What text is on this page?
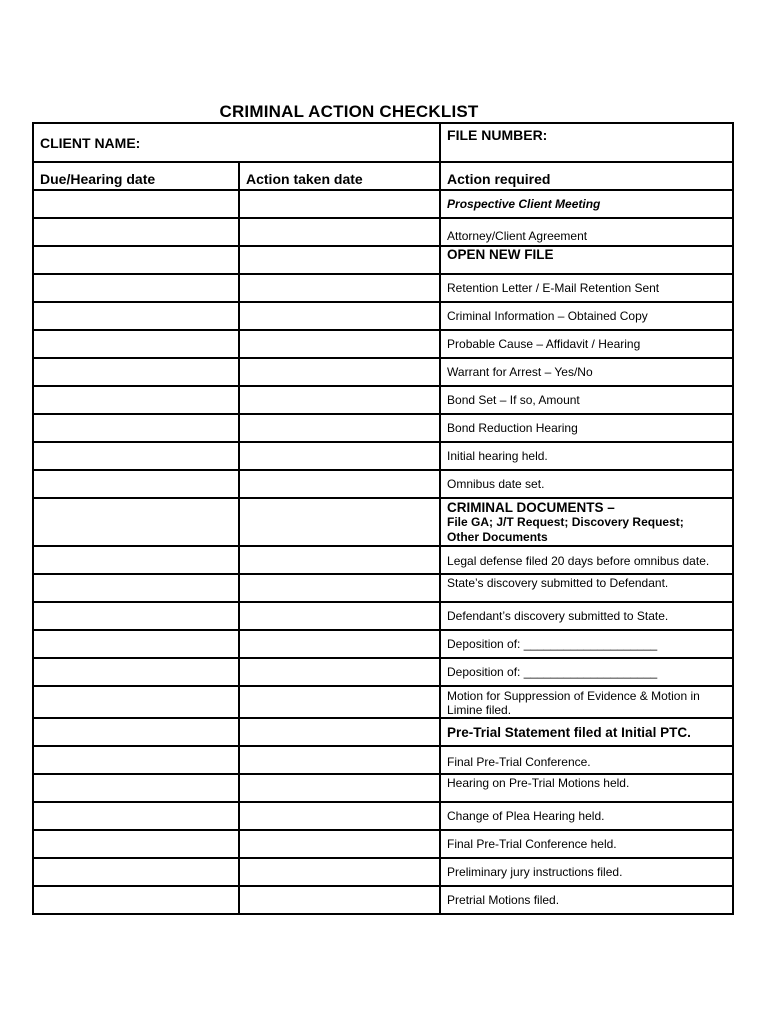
CRIMINAL ACTION CHECKLIST
CLIENT NAME:		FILE NUMBER:
Due/Hearing date	Action taken date	Action required
		Prospective Client Meeting
		Attorney/Client Agreement
		OPEN NEW FILE
		Retention Letter / E-Mail Retention Sent
		Criminal Information – Obtained Copy
		Probable Cause – Affidavit / Hearing
		Warrant for Arrest – Yes/No
		Bond Set – If so, Amount
		Bond Reduction Hearing
		Initial hearing held.
		Omnibus date set.
		CRIMINAL DOCUMENTS –
File GA; J/T Request; Discovery Request;
Other Documents

		Legal defense filed 20 days before omnibus date.
		State’s discovery submitted to Defendant.
		Defendant’s discovery submitted to State.
		Deposition of: ____________________
		Deposition of: ____________________
		Motion for Suppression of Evidence & Motion in Limine filed.
		Pre-Trial Statement filed at Initial PTC.
		Final Pre-Trial Conference.
		Hearing on Pre-Trial Motions held.
		Change of Plea Hearing held.
		Final Pre-Trial Conference held.
		Preliminary jury instructions filed.
		Pretrial Motions filed.
